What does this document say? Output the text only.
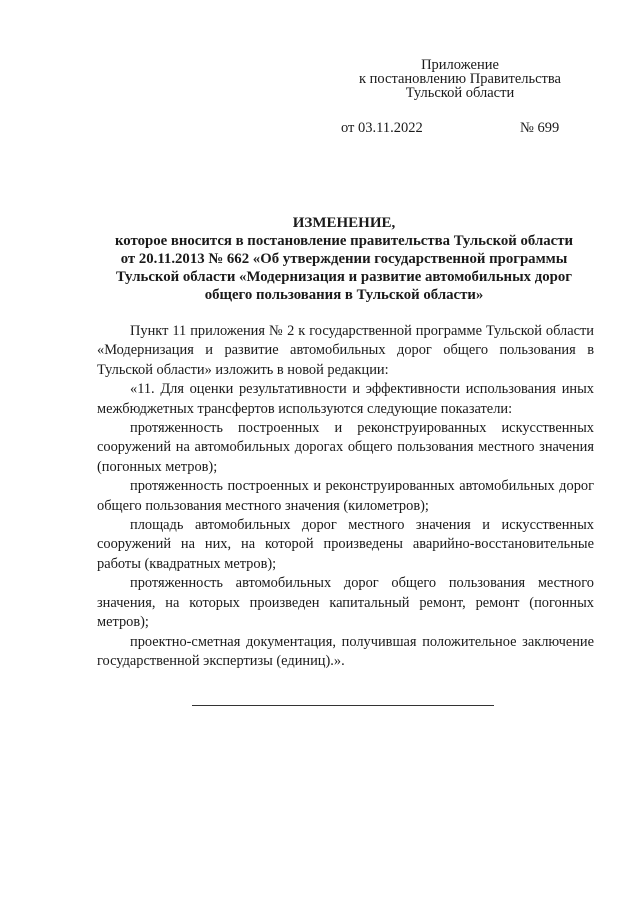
Приложение
к постановлению Правительства
Тульской области
от 03.11.2022	№ 699
ИЗМЕНЕНИЕ,
которое вносится в постановление правительства Тульской области
от 20.11.2013 № 662 «Об утверждении государственной программы
Тульской области «Модернизация и развитие автомобильных дорог
общего пользования в Тульской области»

Пункт 11 приложения № 2 к государственной программе Тульской области «Модернизация и развитие автомобильных дорог общего пользования в Тульской области» изложить в новой редакции:

«11. Для оценки результативности и эффективности использования иных межбюджетных трансфертов используются следующие показатели:

протяженность построенных и реконструированных искусственных сооружений на автомобильных дорогах общего пользования местного значения (погонных метров);

протяженность построенных и реконструированных автомобильных дорог общего пользования местного значения (километров);

площадь автомобильных дорог местного значения и искусственных сооружений на них, на которой произведены аварийно-восстановительные работы (квадратных метров);

протяженность автомобильных дорог общего пользования местного значения, на которых произведен капитальный ремонт, ремонт (погонных метров);

проектно-сметная документация, получившая положительное заключение государственной экспертизы (единиц).».
